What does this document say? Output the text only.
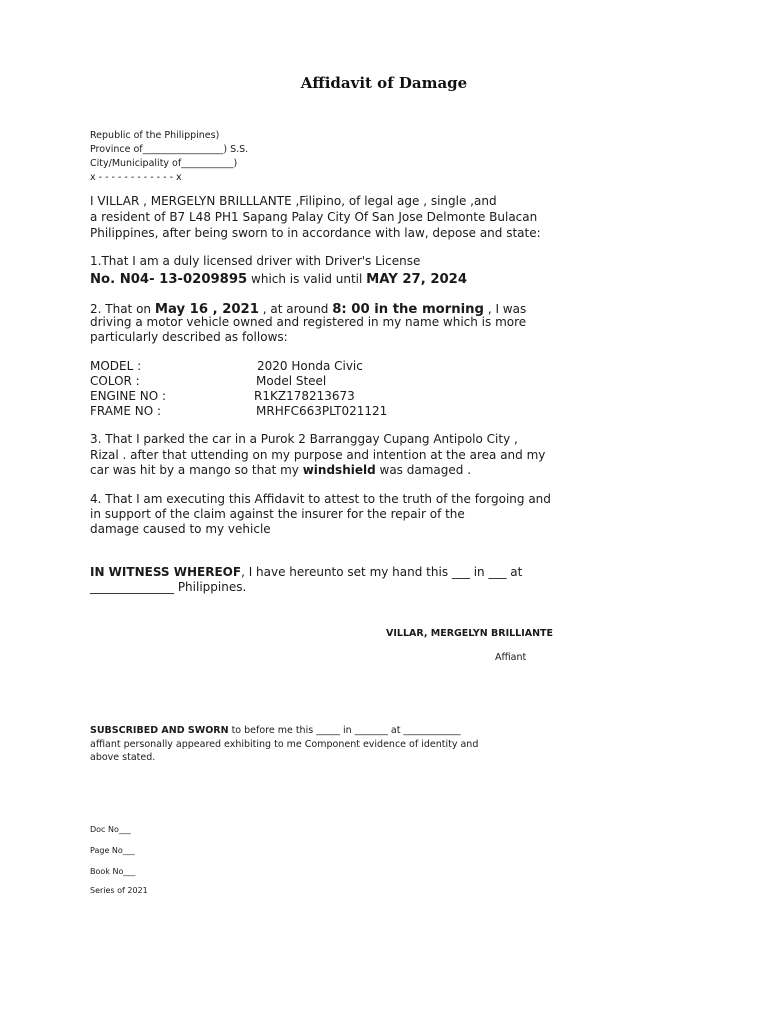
Affidavit of Damage
Republic of the Philippines)
Province of_________________) S.S.
City/Municipality of___________)
x - - - - - - - - - - - - x
I VILLAR , MERGELYN BRILLLANTE ,Filipino, of legal age , single ,and
a resident of B7 L48 PH1 Sapang Palay City Of San Jose Delmonte Bulacan
Philippines, after being sworn to in accordance with law, depose and state:
1.That I am a duly licensed driver with Driver's License
No. N04- 13-0209895 which is valid until MAY 27, 2024
2. That on May 16 , 2021 , at around 8: 00 in the morning , I was
driving a motor vehicle owned and registered in my name which is more
particularly described as follows:
MODEL :	2020 Honda Civic
COLOR :	Model Steel
ENGINE NO :	R1KZ178213673
FRAME NO :	MRHFC663PLT021121
3. That I parked the car in a Purok 2 Barranggay Cupang Antipolo City ,
Rizal . after that uttending on my purpose and intention at the area and my
car was hit by a mango so that my windshield was damaged .
4. That I am executing this Affidavit to attest to the truth of the forgoing and
in support of the claim against the insurer for the repair of the
damage caused to my vehicle
IN WITNESS WHEREOF, I have hereunto set my hand this ___ in ___ at
______________ Philippines.
VILLAR, MERGELYN BRILLIANTE
Affiant
SUBSCRIBED AND SWORN to before me this _____ in _______ at ____________
affiant personally appeared exhibiting to me Component evidence of identity and
above stated.
Doc No___
Page No___
Book No___
Series of 2021
